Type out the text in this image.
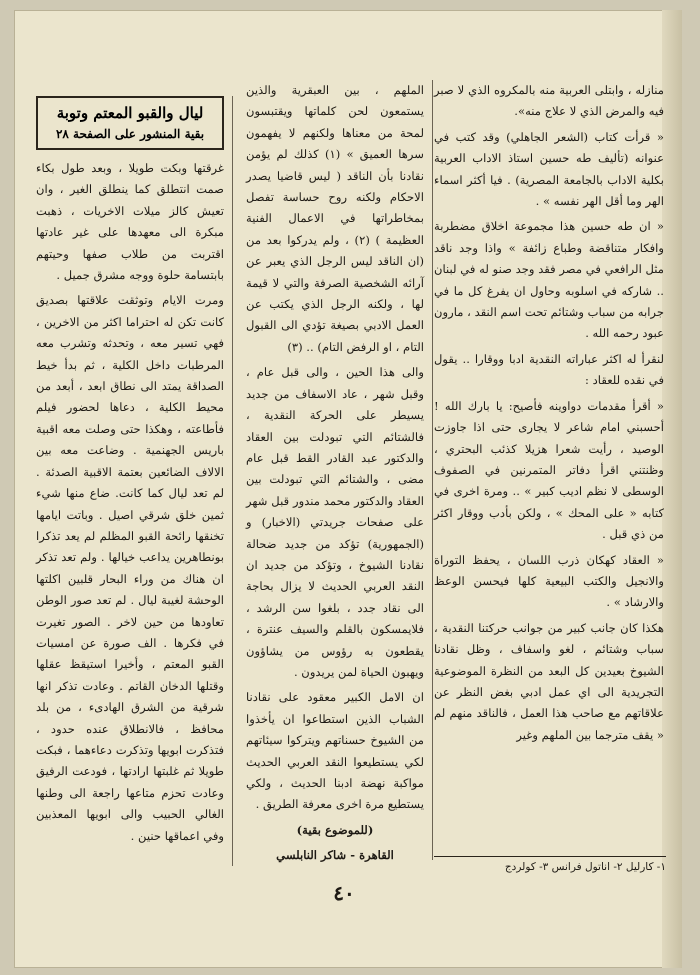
منازله ، وابتلى العربية منه بالمكروه الذي لا صبر فيه والمرض الذي لا علاج منه».

« قرأت كتاب (الشعر الجاهلي) وقد كتب في عنوانه (تأليف طه حسين استاذ الاداب العربية بكلية الاداب بالجامعة المصرية) . فيا أكثر اسماء الهر وما أقل الهر نفسه » .

« ان طه حسين هذا مجموعة اخلاق مضطربة وافكار متناقضة وطباع زائفة » واذا وجد ناقد مثل الرافعي في مصر فقد وجد صنو له في لبنان .. شاركه في اسلوبه وحاول ان يفرغ كل ما في جرابه من سباب وشتائم تحت اسم النقد ، مارون عبود رحمه الله .

لنقرأ له اكثر عباراته النقدية ادبا ووقارا .. يقول في نقده للعقاد :

« أقرأ مقدمات دواوينه فأصيح: يا بارك الله ! أحسبني امام شاعر لا يجارى حتى اذا جاوزت الوصيد ، رأيت شعرا هزيلا كذئب البحتري ، وظنتني اقرأ دفاتر المتمرنين في الصفوف الوسطى لا نظم اديب كبير » .. ومرة اخرى في كتابه « على المحك » ، ولكن بأدب ووقار اكثر من ذي قبل .

« العقاد كهكان ذرب اللسان ، يحفظ التوراة والانجيل والكتب البيعية كلها فيحسن الوعظ والارشاد » .

هكذا كان جانب كبير من جوانب حركتنا النقدية ، سباب وشتائم ، لغو واسفاف ، وظل نقادنا الشيوخ بعيدين كل البعد من النظرة الموضوعية التجريدية الى اي عمل ادبي بغض النظر عن علاقاتهم مع صاحب هذا العمل ، فالناقد منهم لم « يقف مترجما بين الملهم وغير

الملهم ، بين العبقرية والذين يستمعون لحن كلماتها ويقتبسون لمحة من معناها ولكنهم لا يفهمون سرها العميق » (١) كذلك لم يؤمن نقادنا بأن الناقد ( ليس قاضيا يصدر الاحكام ولكنه روح حساسة تفصل بمخاطراتها في الاعمال الفنية العظيمة ) (٢) ، ولم يدركوا بعد من (ان الناقد ليس الرجل الذي يعبر عن آرائه الشخصية الصرفة والتي لا قيمة لها ، ولكنه الرجل الذي يكتب عن العمل الادبي بصيغة تؤدي الى القبول التام ، او الرفض التام) .. (٣)

والى هذا الحين ، والى قبل عام ، وقبل شهر ، عاد الاسفاف من جديد يسيطر على الحركة النقدية ، فالشتائم التي تبودلت بين العقاد والدكتور عبد القادر القط قبل عام مضى ، والشتائم التي تبودلت بين العقاد والدكتور محمد مندور قبل شهر على صفحات جريدتي (الاخبار) و (الجمهورية) تؤكد من جديد ضحالة نقادنا الشيوخ ، وتؤكد من جديد ان النقد العربي الحديث لا يزال بحاجة الى نقاد جدد ، بلغوا سن الرشد ، فلايمسكون بالقلم والسيف عنترة ، يقطعون به رؤوس من يشاؤون ويهبون الحياة لمن يريدون .

ان الامل الكبير معقود على نقادنا الشباب الذين استطاعوا ان يأخذوا من الشيوخ حسناتهم ويتركوا سيئاتهم لكي يستطيعوا النقد العربي الحديث مواكبة نهضة ادبنا الحديث ، ولكي يستطيع مرة اخرى معرفة الطريق .

(للموضوع بقية)

القاهرة - شاكر النابلسي

ليال والقبو المعتم وتوبة
بقية المنشور على الصفحة ٢٨

غرقتها وبكت طويلا ، وبعد طول بكاء صمت انتطلق كما ينطلق الغير ، وان تعيش كالز ميلات الاخريات ، ذهبت مبكرة الى معهدها على غير عادتها اقتربت من طلاب صفها وحيتهم بابتسامة حلوة ووجه مشرق جميل .

ومرت الايام وتوثقت علاقتها بصديق كانت تكن له احتراما اكثر من الاخرين ، فهي تسير معه ، وتحدثه وتشرب معه المرطبات داخل الكلية ، ثم بدأ خيط الصداقة يمتد الى نطاق ابعد ، أبعد من محيط الكلية ، دعاها لحضور فيلم فأطاعته ، وهكذا حتى وصلت معه اقبية باريس الجهنمية . وضاعت معه بين الالاف الضائعين بعتمة الاقبية الصدئة . لم تعد ليال كما كانت. ضاع منها شيء ثمين خلق شرقي اصيل . وباتت ايامها تخنقها رائحة القبو المظلم لم يعد تذكرا بونطاهرين يداعب خيالها . ولم تعد تذكر ان هناك من وراء البحار قلبين اكلتها الوحشة لغيبة ليال . لم تعد صور الوطن تعاودها من حين لاخر . الصور تغيرت في فكرها . الف صورة عن امسيات القبو المعتم ، وأخيرا استيقظ عقلها وقتلها الدخان القاتم . وعادت تذكر انها شرقية من الشرق الهادىء ، من بلد محافظ ، فالانطلاق عنده حدود ، فتذكرت ابويها وتذكرت دعاءهما ، فبكت طويلا ثم غلبتها ارادتها ، فودعت الرفيق وعادت تحزم متاعها راجعة الى وطنها الغالي الحبيب والى ابويها المعذبين وفي اعماقها حنين .

١- كارليل ٢- اناتول فرانس ٣- كولردج
٤٠
